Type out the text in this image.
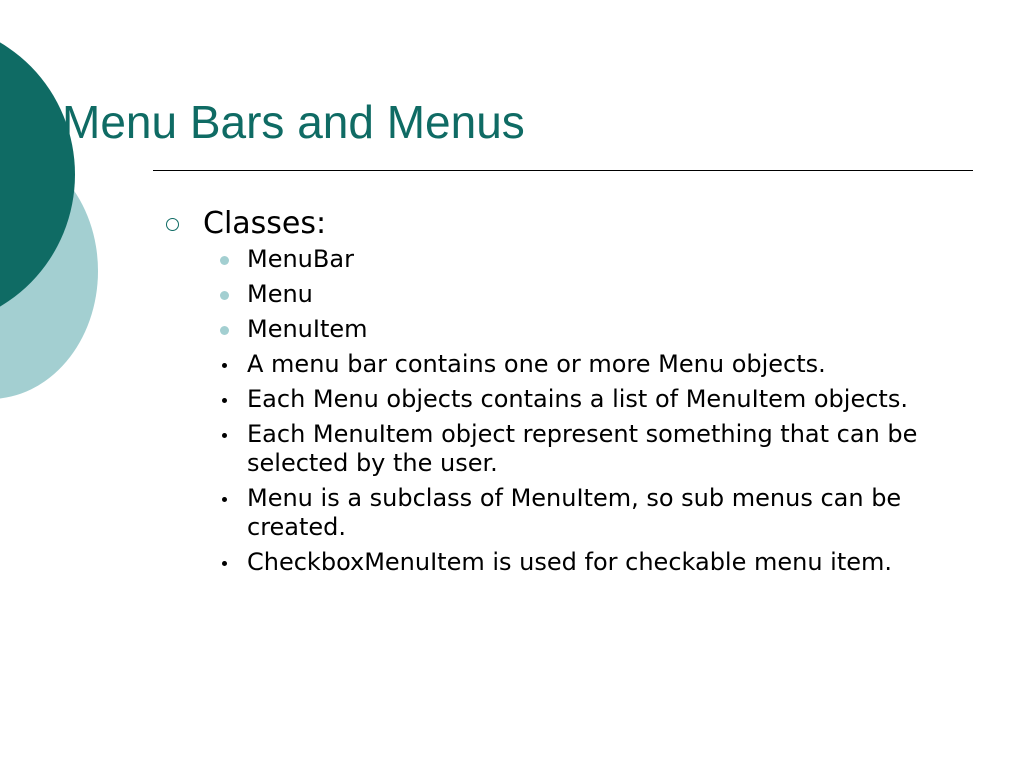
Menu Bars and Menus
Classes:
MenuBar
Menu
MenuItem
A menu bar contains one or more Menu objects.
Each Menu objects contains a list of MenuItem objects.
Each MenuItem object represent something that can be selected by the user.
Menu is a subclass of MenuItem, so sub menus can be created.
CheckboxMenuItem is used for checkable menu item.
